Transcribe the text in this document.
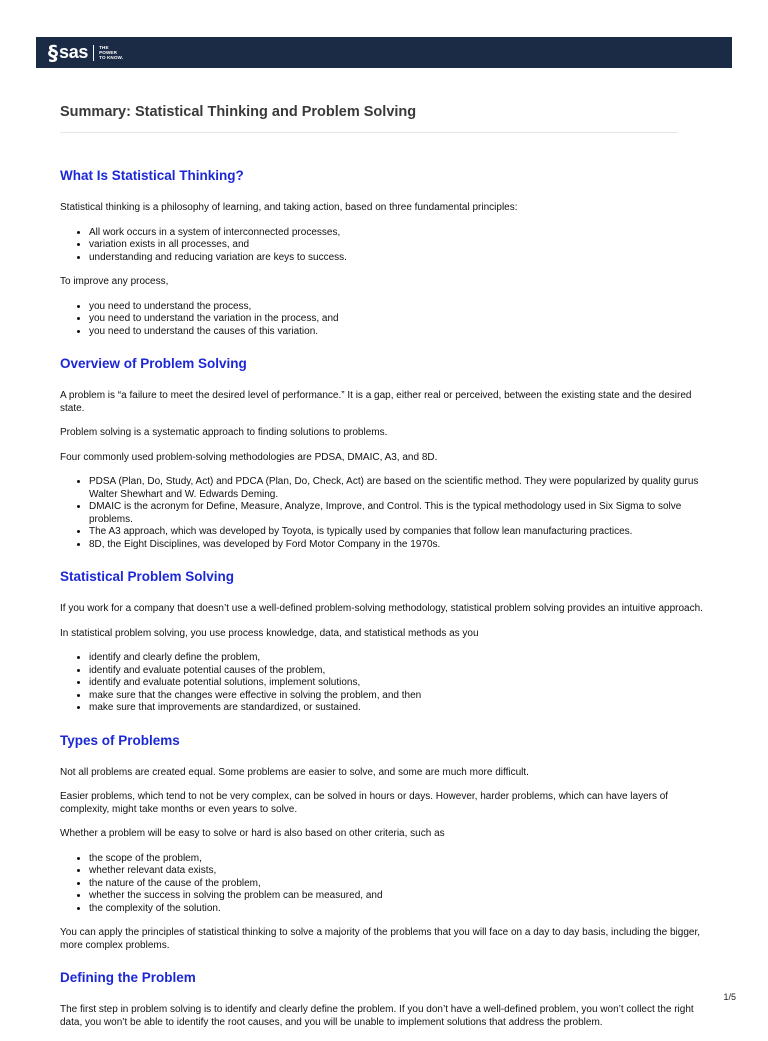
§ sas THE
POWER
TO KNOW.
Summary: Statistical Thinking and Problem Solving
What Is Statistical Thinking?

Statistical thinking is a philosophy of learning, and taking action, based on three fundamental principles:

• All work occurs in a system of interconnected processes,
• variation exists in all processes, and
• understanding and reducing variation are keys to success.

To improve any process,

• you need to understand the process,
• you need to understand the variation in the process, and
• you need to understand the causes of this variation.
Overview of Problem Solving

A problem is “a failure to meet the desired level of performance.” It is a gap, either real or perceived, between the existing state and the desired state.

Problem solving is a systematic approach to finding solutions to problems.

Four commonly used problem-solving methodologies are PDSA, DMAIC, A3, and 8D.

• PDSA (Plan, Do, Study, Act) and PDCA (Plan, Do, Check, Act) are based on the scientific method. They were popularized by quality gurus Walter Shewhart and W. Edwards Deming.
• DMAIC is the acronym for Define, Measure, Analyze, Improve, and Control. This is the typical methodology used in Six Sigma to solve problems.
• The A3 approach, which was developed by Toyota, is typically used by companies that follow lean manufacturing practices.
• 8D, the Eight Disciplines, was developed by Ford Motor Company in the 1970s.
Statistical Problem Solving

If you work for a company that doesn’t use a well-defined problem-solving methodology, statistical problem solving provides an intuitive approach.

In statistical problem solving, you use process knowledge, data, and statistical methods as you

• identify and clearly define the problem,
• identify and evaluate potential causes of the problem,
• identify and evaluate potential solutions, implement solutions,
• make sure that the changes were effective in solving the problem, and then
• make sure that improvements are standardized, or sustained.
Types of Problems

Not all problems are created equal. Some problems are easier to solve, and some are much more difficult.

Easier problems, which tend to not be very complex, can be solved in hours or days. However, harder problems, which can have layers of complexity, might take months or even years to solve.

Whether a problem will be easy to solve or hard is also based on other criteria, such as

• the scope of the problem,
• whether relevant data exists,
• the nature of the cause of the problem,
• whether the success in solving the problem can be measured, and
• the complexity of the solution.

You can apply the principles of statistical thinking to solve a majority of the problems that you will face on a day to day basis, including the bigger, more complex problems.

Defining the Problem

The first step in problem solving is to identify and clearly define the problem. If you don’t have a well-defined problem, you won’t collect the right data, you won’t be able to identify the root causes, and you will be unable to implement solutions that address the problem.

1/5
